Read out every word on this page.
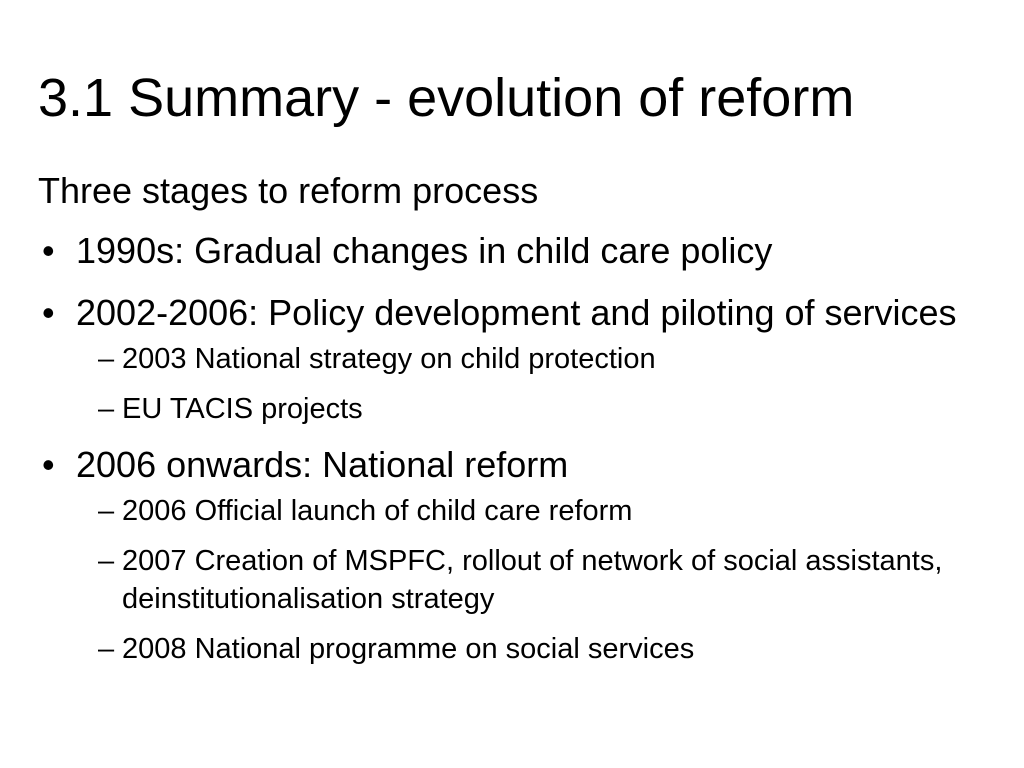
3.1 Summary - evolution of reform

Three stages to reform process

• 1990s: Gradual changes in child care policy
• 2002-2006: Policy development and piloting of services
– 2003 National strategy on child protection
– EU TACIS projects
• 2006 onwards: National reform
– 2006 Official launch of child care reform
– 2007 Creation of MSPFC, rollout of network of social assistants, deinstitutionalisation strategy
– 2008 National programme on social services
